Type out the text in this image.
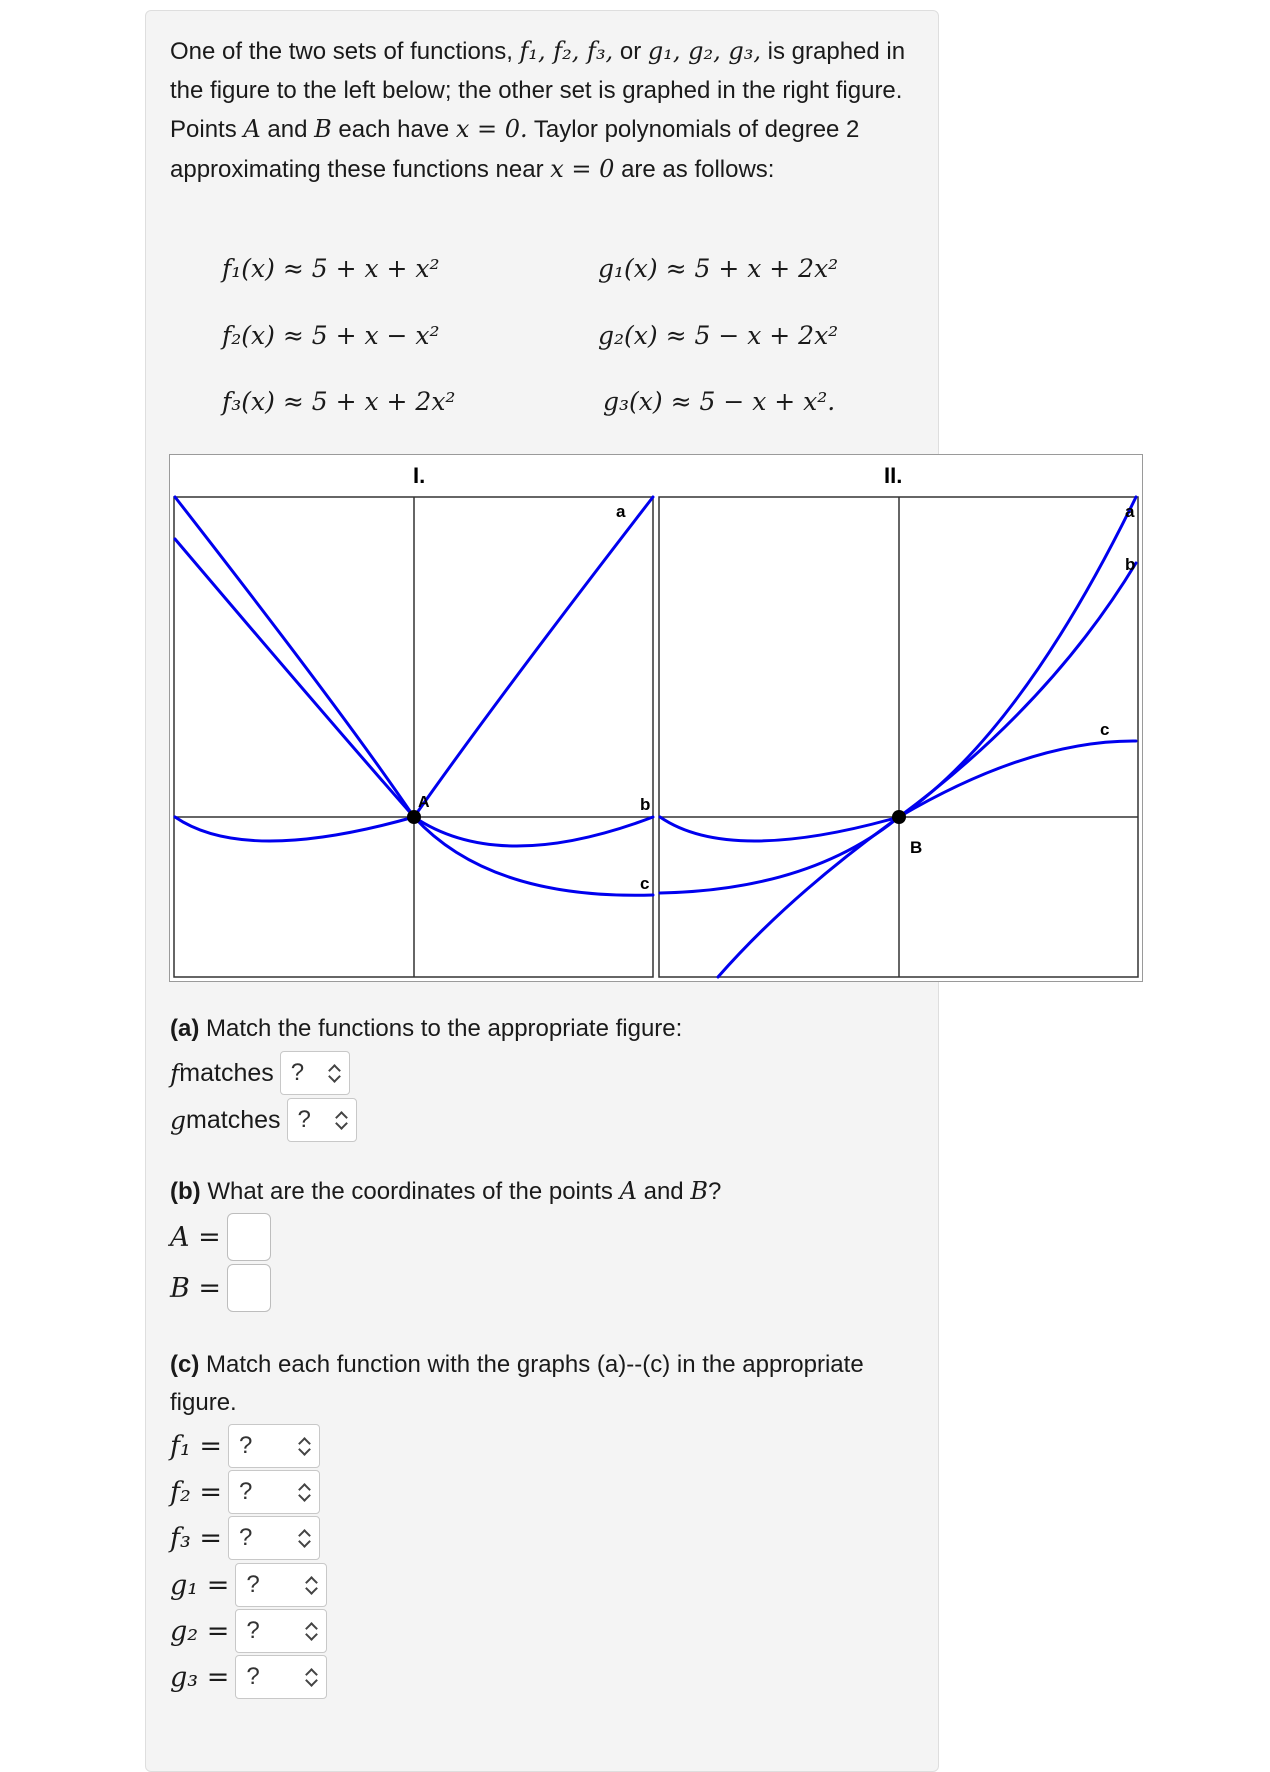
One of the two sets of functions, f₁, f₂, f₃, or g₁, g₂, g₃, is graphed in the figure to the left below; the other set is graphed in the right figure. Points A and B each have x = 0. Taylor polynomials of degree 2 approximating these functions near x = 0 are as follows:
f₁(x) ≈ 5 + x + x²
f₂(x) ≈ 5 + x − x²
f₃(x) ≈ 5 + x + 2x²
g₁(x) ≈ 5 + x + 2x²
g₂(x) ≈ 5 − x + 2x²
g₃(x) ≈ 5 − x + x².
I.	II.
A
B
a
b
c
a
b
c
(a) Match the functions to the appropriate figure:
f matches ?
g matches ?
(b) What are the coordinates of the points A and B?
A =
B =
(c) Match each function with the graphs (a)--(c) in the appropriate figure.
f₁ = ?
f₂ = ?
f₃ = ?
g₁ = ?
g₂ = ?
g₃ = ?
